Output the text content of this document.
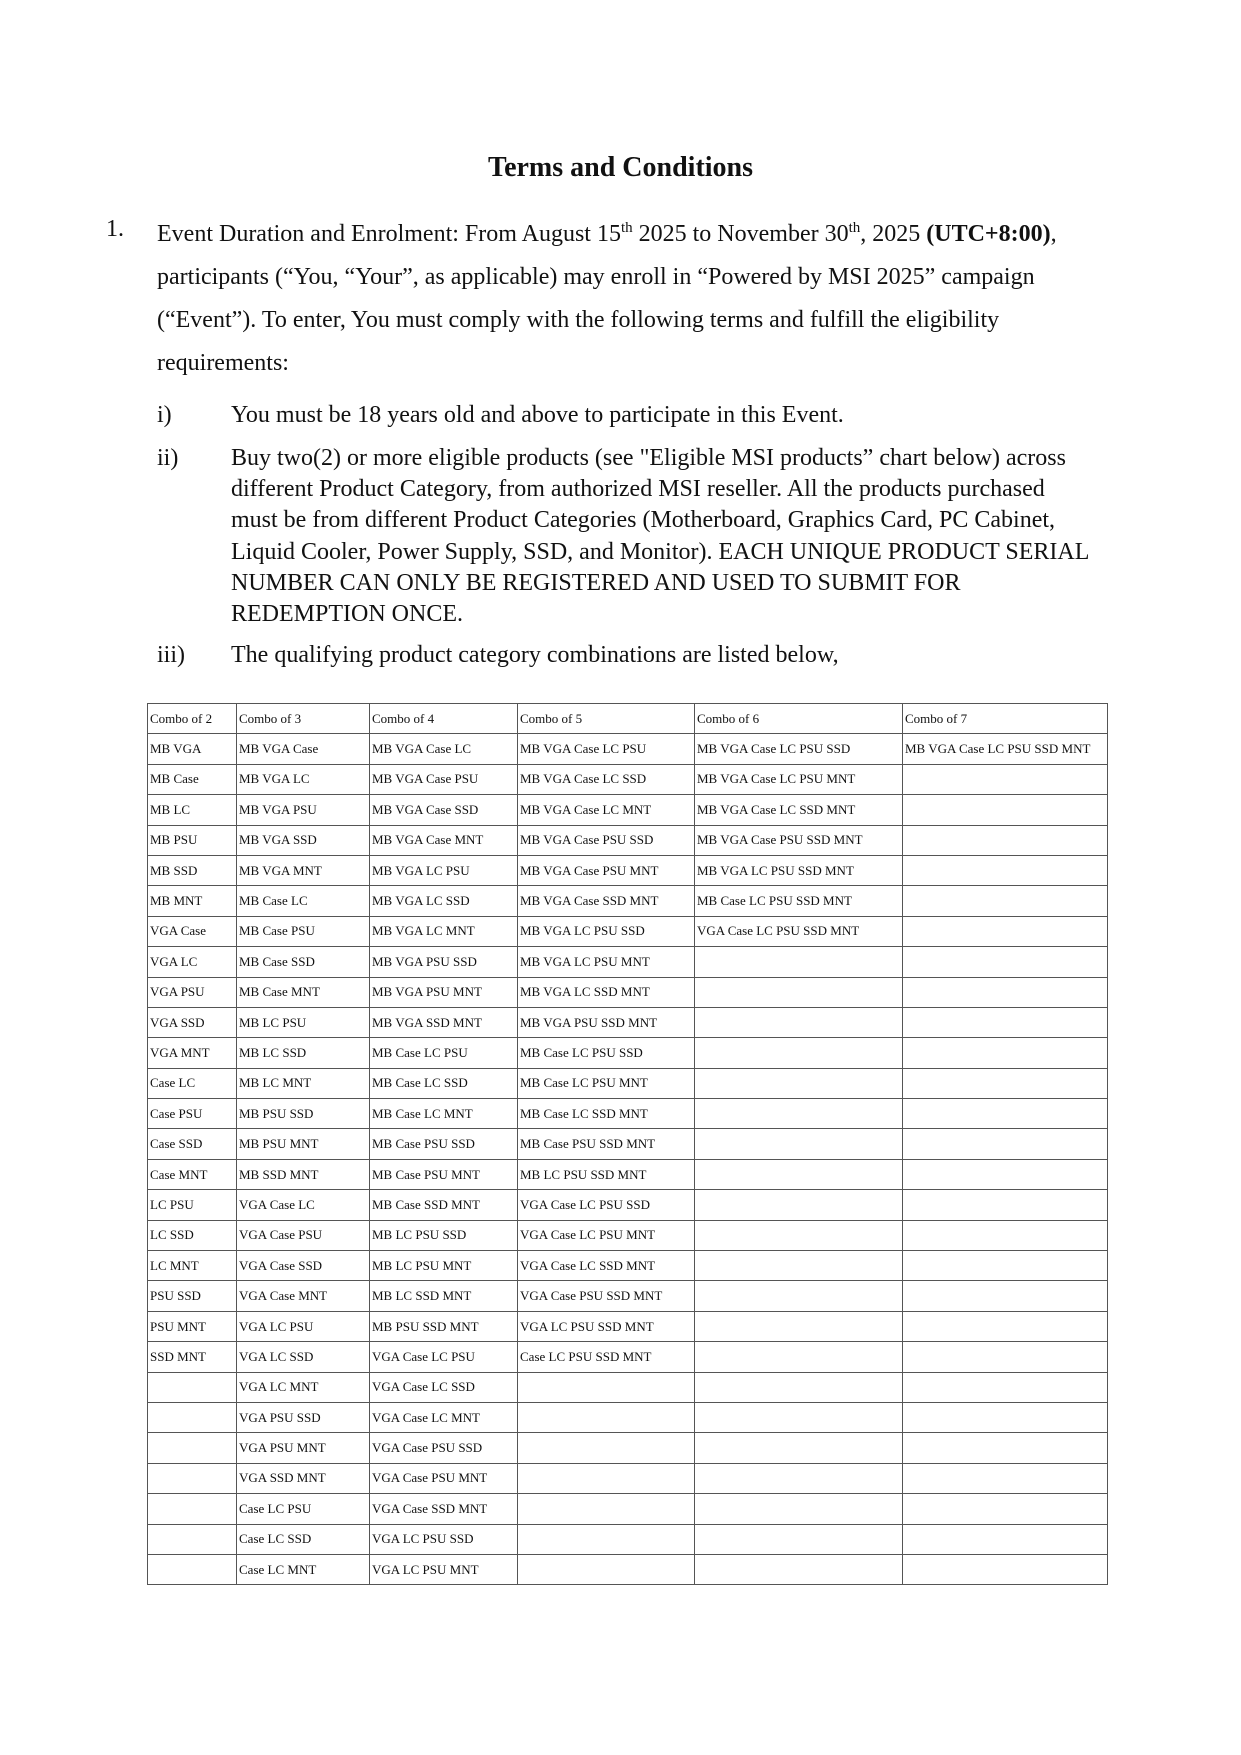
Terms and Conditions
1. Event Duration and Enrolment: From August 15th 2025 to November 30th, 2025 (UTC+8:00), participants (“You, “Your”, as applicable) may enroll in “Powered by MSI 2025” campaign (“Event”). To enter, You must comply with the following terms and fulfill the eligibility requirements:
i) You must be 18 years old and above to participate in this Event.
ii) Buy two(2) or more eligible products (see "Eligible MSI products” chart below) across different Product Category, from authorized MSI reseller. All the products purchased must be from different Product Categories (Motherboard, Graphics Card, PC Cabinet, Liquid Cooler, Power Supply, SSD, and Monitor). EACH UNIQUE PRODUCT SERIAL NUMBER CAN ONLY BE REGISTERED AND USED TO SUBMIT FOR REDEMPTION ONCE.
iii) The qualifying product category combinations are listed below,
Combo of 2	Combo of 3	Combo of 4	Combo of 5	Combo of 6	Combo of 7
MB VGA	MB VGA Case	MB VGA Case LC	MB VGA Case LC PSU	MB VGA Case LC PSU SSD	MB VGA Case LC PSU SSD MNT
MB Case	MB VGA LC	MB VGA Case PSU	MB VGA Case LC SSD	MB VGA Case LC PSU MNT	
MB LC	MB VGA PSU	MB VGA Case SSD	MB VGA Case LC MNT	MB VGA Case LC SSD MNT	
MB PSU	MB VGA SSD	MB VGA Case MNT	MB VGA Case PSU SSD	MB VGA Case PSU SSD MNT	
MB SSD	MB VGA MNT	MB VGA LC PSU	MB VGA Case PSU MNT	MB VGA LC PSU SSD MNT	
MB MNT	MB Case LC	MB VGA LC SSD	MB VGA Case SSD MNT	MB Case LC PSU SSD MNT	
VGA Case	MB Case PSU	MB VGA LC MNT	MB VGA LC PSU SSD	VGA Case LC PSU SSD MNT	
VGA LC	MB Case SSD	MB VGA PSU SSD	MB VGA LC PSU MNT		
VGA PSU	MB Case MNT	MB VGA PSU MNT	MB VGA LC SSD MNT		
VGA SSD	MB LC PSU	MB VGA SSD MNT	MB VGA PSU SSD MNT		
VGA MNT	MB LC SSD	MB Case LC PSU	MB Case LC PSU SSD		
Case LC	MB LC MNT	MB Case LC SSD	MB Case LC PSU MNT		
Case PSU	MB PSU SSD	MB Case LC MNT	MB Case LC SSD MNT		
Case SSD	MB PSU MNT	MB Case PSU SSD	MB Case PSU SSD MNT		
Case MNT	MB SSD MNT	MB Case PSU MNT	MB LC PSU SSD MNT		
LC PSU	VGA Case LC	MB Case SSD MNT	VGA Case LC PSU SSD		
LC SSD	VGA Case PSU	MB LC PSU SSD	VGA Case LC PSU MNT		
LC MNT	VGA Case SSD	MB LC PSU MNT	VGA Case LC SSD MNT		
PSU SSD	VGA Case MNT	MB LC SSD MNT	VGA Case PSU SSD MNT		
PSU MNT	VGA LC PSU	MB PSU SSD MNT	VGA LC PSU SSD MNT		
SSD MNT	VGA LC SSD	VGA Case LC PSU	Case LC PSU SSD MNT		
	VGA LC MNT	VGA Case LC SSD			
	VGA PSU SSD	VGA Case LC MNT			
	VGA PSU MNT	VGA Case PSU SSD			
	VGA SSD MNT	VGA Case PSU MNT			
	Case LC PSU	VGA Case SSD MNT			
	Case LC SSD	VGA LC PSU SSD			
	Case LC MNT	VGA LC PSU MNT			
